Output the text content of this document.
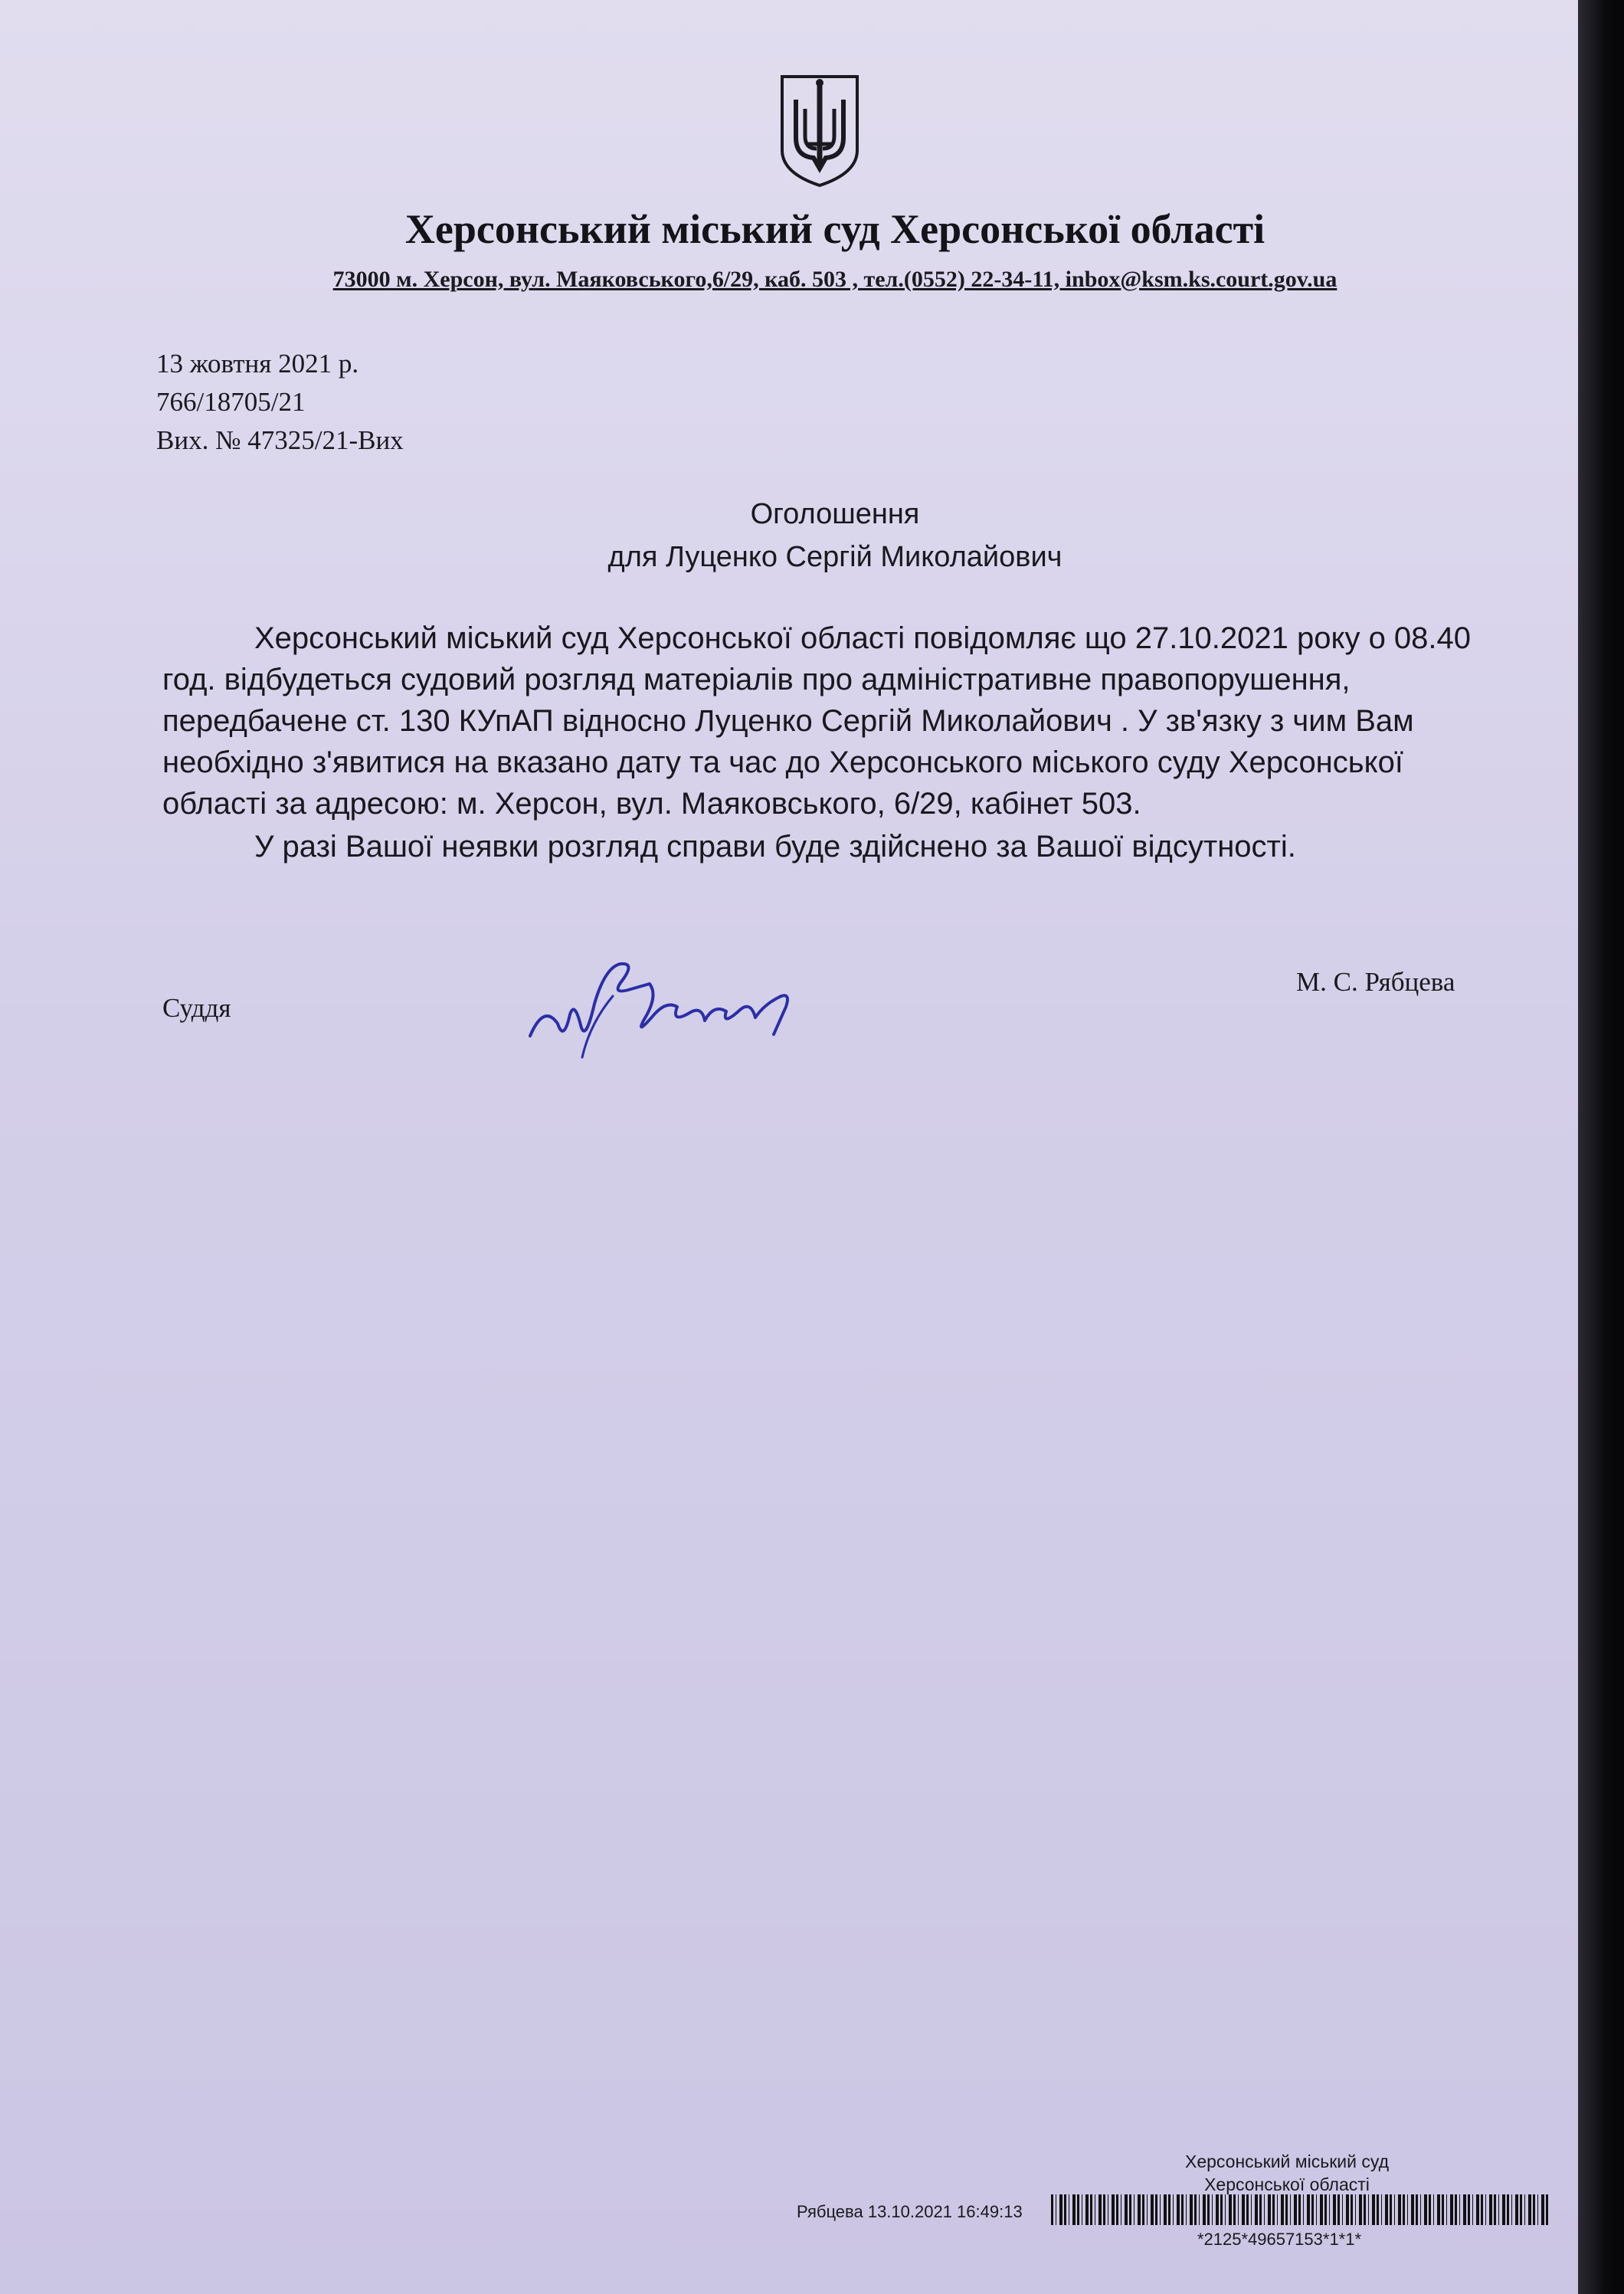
Херсонський міський суд Херсонської області
73000 м. Херсон, вул. Маяковського,6/29, каб. 503 , тел.(0552) 22-34-11, inbox@ksm.ks.court.gov.ua
13 жовтня 2021 р.
766/18705/21
Вих. № 47325/21-Вих
Оголошення
для Луценко Сергій Миколайович

Херсонський міський суд Херсонської області повідомляє що 27.10.2021 року о 08.40 год. відбудеться судовий розгляд матеріалів про адміністративне правопорушення, передбачене ст. 130 КУпАП відносно Луценко Сергій Миколайович . У зв'язку з чим Вам необхідно з'явитися на вказано дату та час до Херсонського міського суду Херсонської області за адресою: м. Херсон, вул. Маяковського, 6/29, кабінет 503.

У разі Вашої неявки розгляд справи буде здійснено за Вашої відсутності.

Суддя
М. С. Рябцева
Херсонський міський суд
Херсонської області
Рябцева 13.10.2021 16:49:13
*2125*49657153*1*1*
